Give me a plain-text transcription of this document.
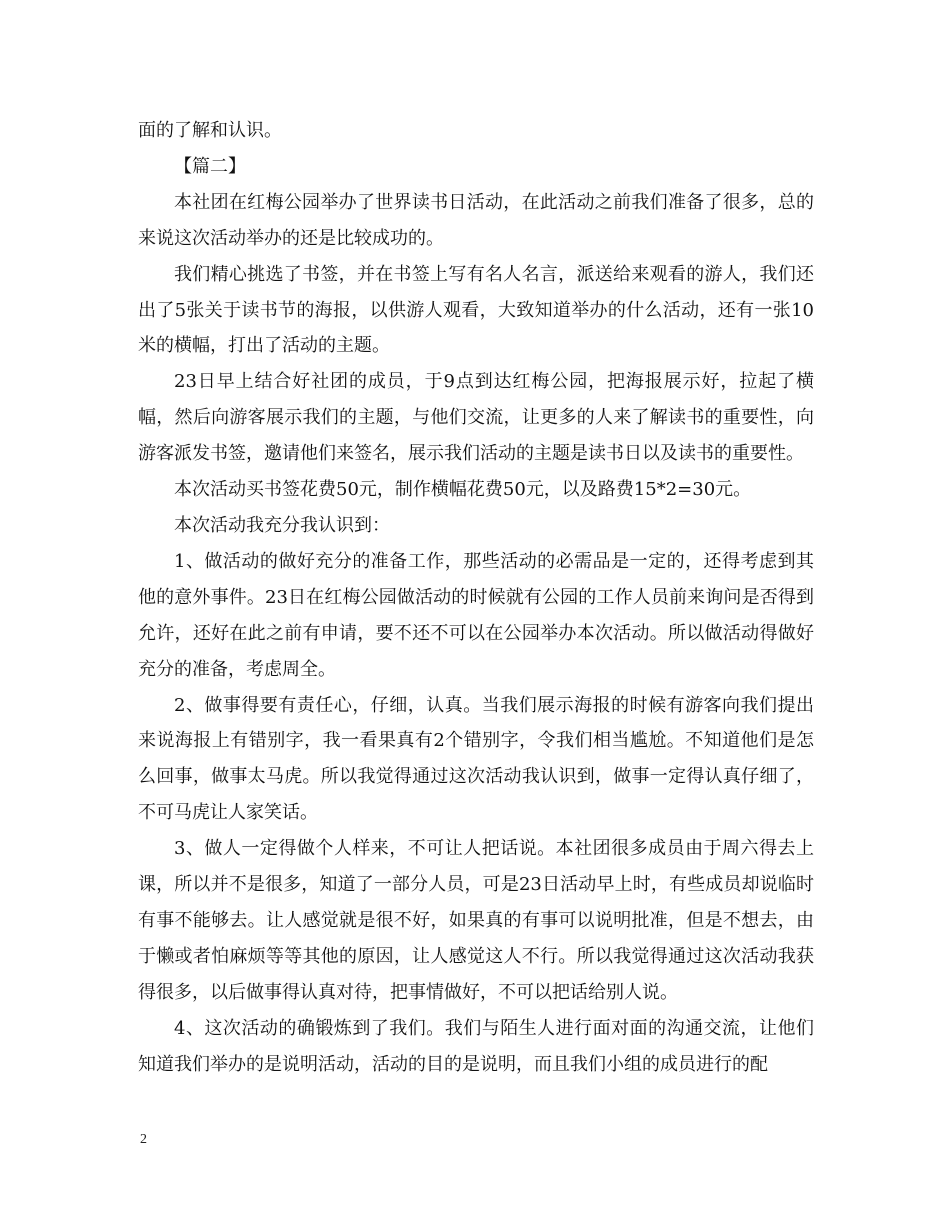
面的了解和认识。

【篇二】

本社团在红梅公园举办了世界读书日活动，在此活动之前我们准备了很多，总的来说这次活动举办的还是比较成功的。

我们精心挑选了书签，并在书签上写有名人名言，派送给来观看的游人，我们还出了5张关于读书节的海报，以供游人观看，大致知道举办的什么活动，还有一张10米的横幅，打出了活动的主题。

23日早上结合好社团的成员，于9点到达红梅公园，把海报展示好，拉起了横幅，然后向游客展示我们的主题，与他们交流，让更多的人来了解读书的重要性，向游客派发书签，邀请他们来签名，展示我们活动的主题是读书日以及读书的重要性。

本次活动买书签花费50元，制作横幅花费50元，以及路费15*2=30元。

本次活动我充分我认识到：

1、做活动的做好充分的准备工作，那些活动的必需品是一定的，还得考虑到其他的意外事件。23日在红梅公园做活动的时候就有公园的工作人员前来询问是否得到允许，还好在此之前有申请，要不还不可以在公园举办本次活动。所以做活动得做好充分的准备，考虑周全。

2、做事得要有责任心，仔细，认真。当我们展示海报的时候有游客向我们提出来说海报上有错别字，我一看果真有2个错别字，令我们相当尴尬。不知道他们是怎么回事，做事太马虎。所以我觉得通过这次活动我认识到，做事一定得认真仔细了，不可马虎让人家笑话。

3、做人一定得做个人样来，不可让人把话说。本社团很多成员由于周六得去上课，所以并不是很多，知道了一部分人员，可是23日活动早上时，有些成员却说临时有事不能够去。让人感觉就是很不好，如果真的有事可以说明批准，但是不想去，由于懒或者怕麻烦等等其他的原因，让人感觉这人不行。所以我觉得通过这次活动我获得很多，以后做事得认真对待，把事情做好，不可以把话给别人说。

4、这次活动的确锻炼到了我们。我们与陌生人进行面对面的沟通交流，让他们知道我们举办的是说明活动，活动的目的是说明，而且我们小组的成员进行的配

2
